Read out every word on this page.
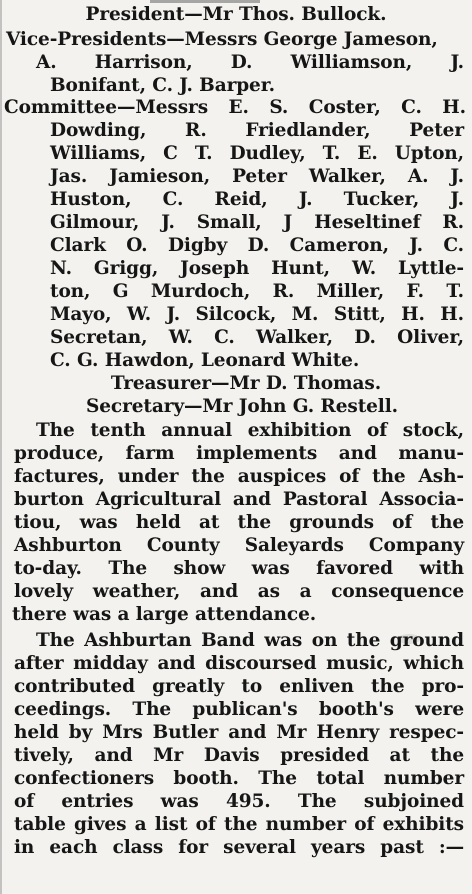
President—Mr Thos. Bullock.
Vice-Presidents—Messrs George Jameson,
A. Harrison, D. Williamson, J.
Bonifant, C. J. Barper.
Committee—Messrs E. S. Coster, C. H.
Dowding, R. Friedlander, Peter
Williams, C T. Dudley, T. E. Upton,
Jas. Jamieson, Peter Walker, A. J.
Huston, C. Reid, J. Tucker, J.
Gilmour, J. Small, J Heseltinef R.
Clark O. Digby D. Cameron, J. C.
N. Grigg, Joseph Hunt, W. Lyttle-
ton, G Murdoch, R. Miller, F. T.
Mayo, W. J. Silcock, M. Stitt, H. H.
Secretan, W. C. Walker, D. Oliver,
C. G. Hawdon, Leonard White.
Treasurer—Mr D. Thomas.
Secretary—Mr John G. Restell.
The tenth annual exhibition of stock,
produce, farm implements and manu-
factures, under the auspices of the Ash-
burton Agricultural and Pastoral Associa-
tiou, was held at the grounds of the
Ashburton County Saleyards Company
to-day. The show was favored with
lovely weather, and as a consequence
there was a large attendance.
The Ashburtan Band was on the ground
after midday and discoursed music, which
contributed greatly to enliven the pro-
ceedings. The publican's booth's were
held by Mrs Butler and Mr Henry respec-
tively, and Mr Davis presided at the
confectioners booth. The total number
of entries was 495. The subjoined
table gives a list of the number of exhibits
in each class for several years past :—
